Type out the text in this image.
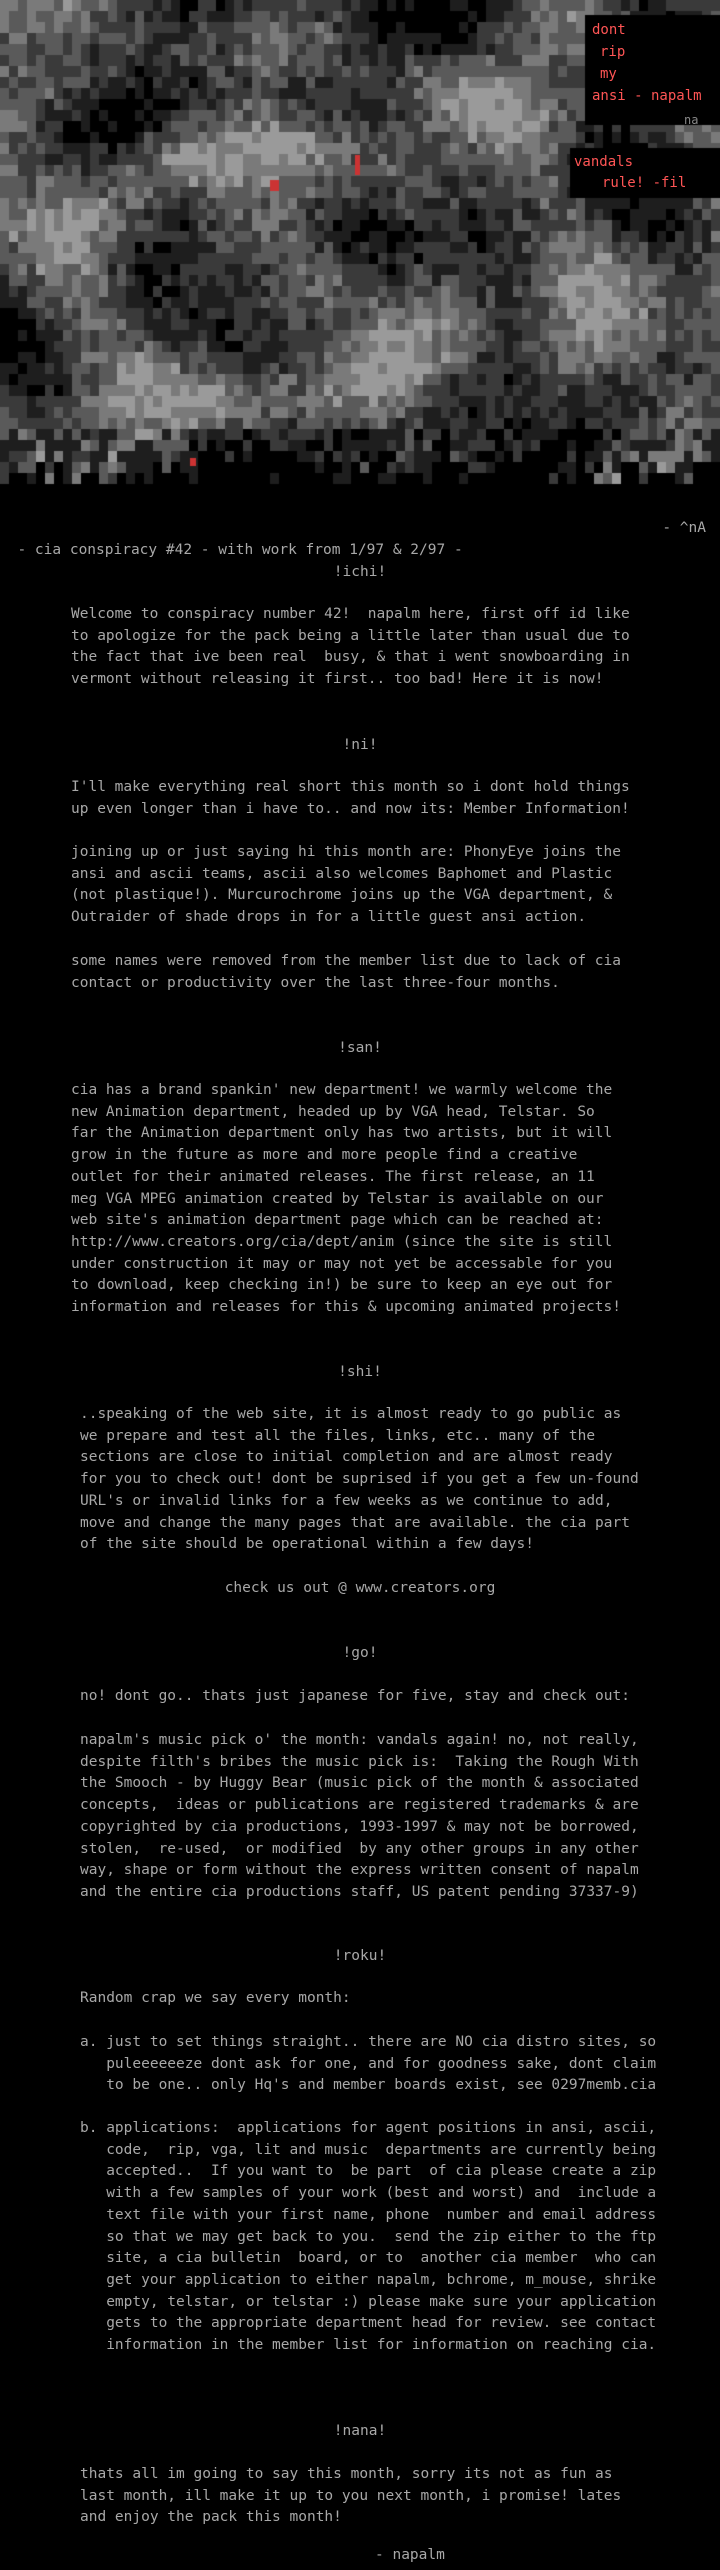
dont
rip
my
ansi - napalm
na
vandals
rule! -fil

- cia conspiracy #42 - with work from 1/97 & 2/97 -

- ^nA

!ichi!
Welcome to conspiracy number 42!  napalm here, first off id like
to apologize for the pack being a little later than usual due to
the fact that ive been real  busy, & that i went snowboarding in
vermont without releasing it first.. too bad! Here it is now!
!ni!
I'll make everything real short this month so i dont hold things
up even longer than i have to.. and now its: Member Information!
joining up or just saying hi this month are: PhonyEye joins the
ansi and ascii teams, ascii also welcomes Baphomet and Plastic
(not plastique!). Murcurochrome joins up the VGA department, &
Outraider of shade drops in for a little guest ansi action.
some names were removed from the member list due to lack of cia
contact or productivity over the last three-four months.
!san!
cia has a brand spankin' new department! we warmly welcome the
new Animation department, headed up by VGA head, Telstar. So
far the Animation department only has two artists, but it will
grow in the future as more and more people find a creative
outlet for their animated releases. The first release, an 11
meg VGA MPEG animation created by Telstar is available on our
web site's animation department page which can be reached at:
http://www.creators.org/cia/dept/anim (since the site is still
under construction it may or may not yet be accessable for you
to download, keep checking in!) be sure to keep an eye out for
information and releases for this & upcoming animated projects!
!shi!
..speaking of the web site, it is almost ready to go public as
we prepare and test all the files, links, etc.. many of the
sections are close to initial completion and are almost ready
for you to check out! dont be suprised if you get a few un-found
URL's or invalid links for a few weeks as we continue to add,
move and change the many pages that are available. the cia part
of the site should be operational within a few days!
check us out @ www.creators.org
!go!
no! dont go.. thats just japanese for five, stay and check out:
napalm's music pick o' the month: vandals again! no, not really,
despite filth's bribes the music pick is:  Taking the Rough With
the Smooch - by Huggy Bear (music pick of the month & associated
concepts,  ideas or publications are registered trademarks & are
copyrighted by cia productions, 1993-1997 & may not be borrowed,
stolen,  re-used,  or modified  by any other groups in any other
way, shape or form without the express written consent of napalm
and the entire cia productions staff, US patent pending 37337-9)
!roku!
Random crap we say every month:
a. just to set things straight.. there are NO cia distro sites, so
puleeeeeeze dont ask for one, and for goodness sake, dont claim
to be one.. only Hq's and member boards exist, see 0297memb.cia
b. applications:  applications for agent positions in ansi, ascii,
code,  rip, vga, lit and music  departments are currently being
accepted..  If you want to  be part  of cia please create a zip
with a few samples of your work (best and worst) and  include a
text file with your first name, phone  number and email address
so that we may get back to you.  send the zip either to the ftp
site, a cia bulletin  board, or to  another cia member  who can
get your application to either napalm, bchrome, m_mouse, shrike
empty, telstar, or telstar :) please make sure your application
gets to the appropriate department head for review. see contact
information in the member list for information on reaching cia.
!nana!
thats all im going to say this month, sorry its not as fun as
last month, ill make it up to you next month, i promise! lates
and enjoy the pack this month!
- napalm
